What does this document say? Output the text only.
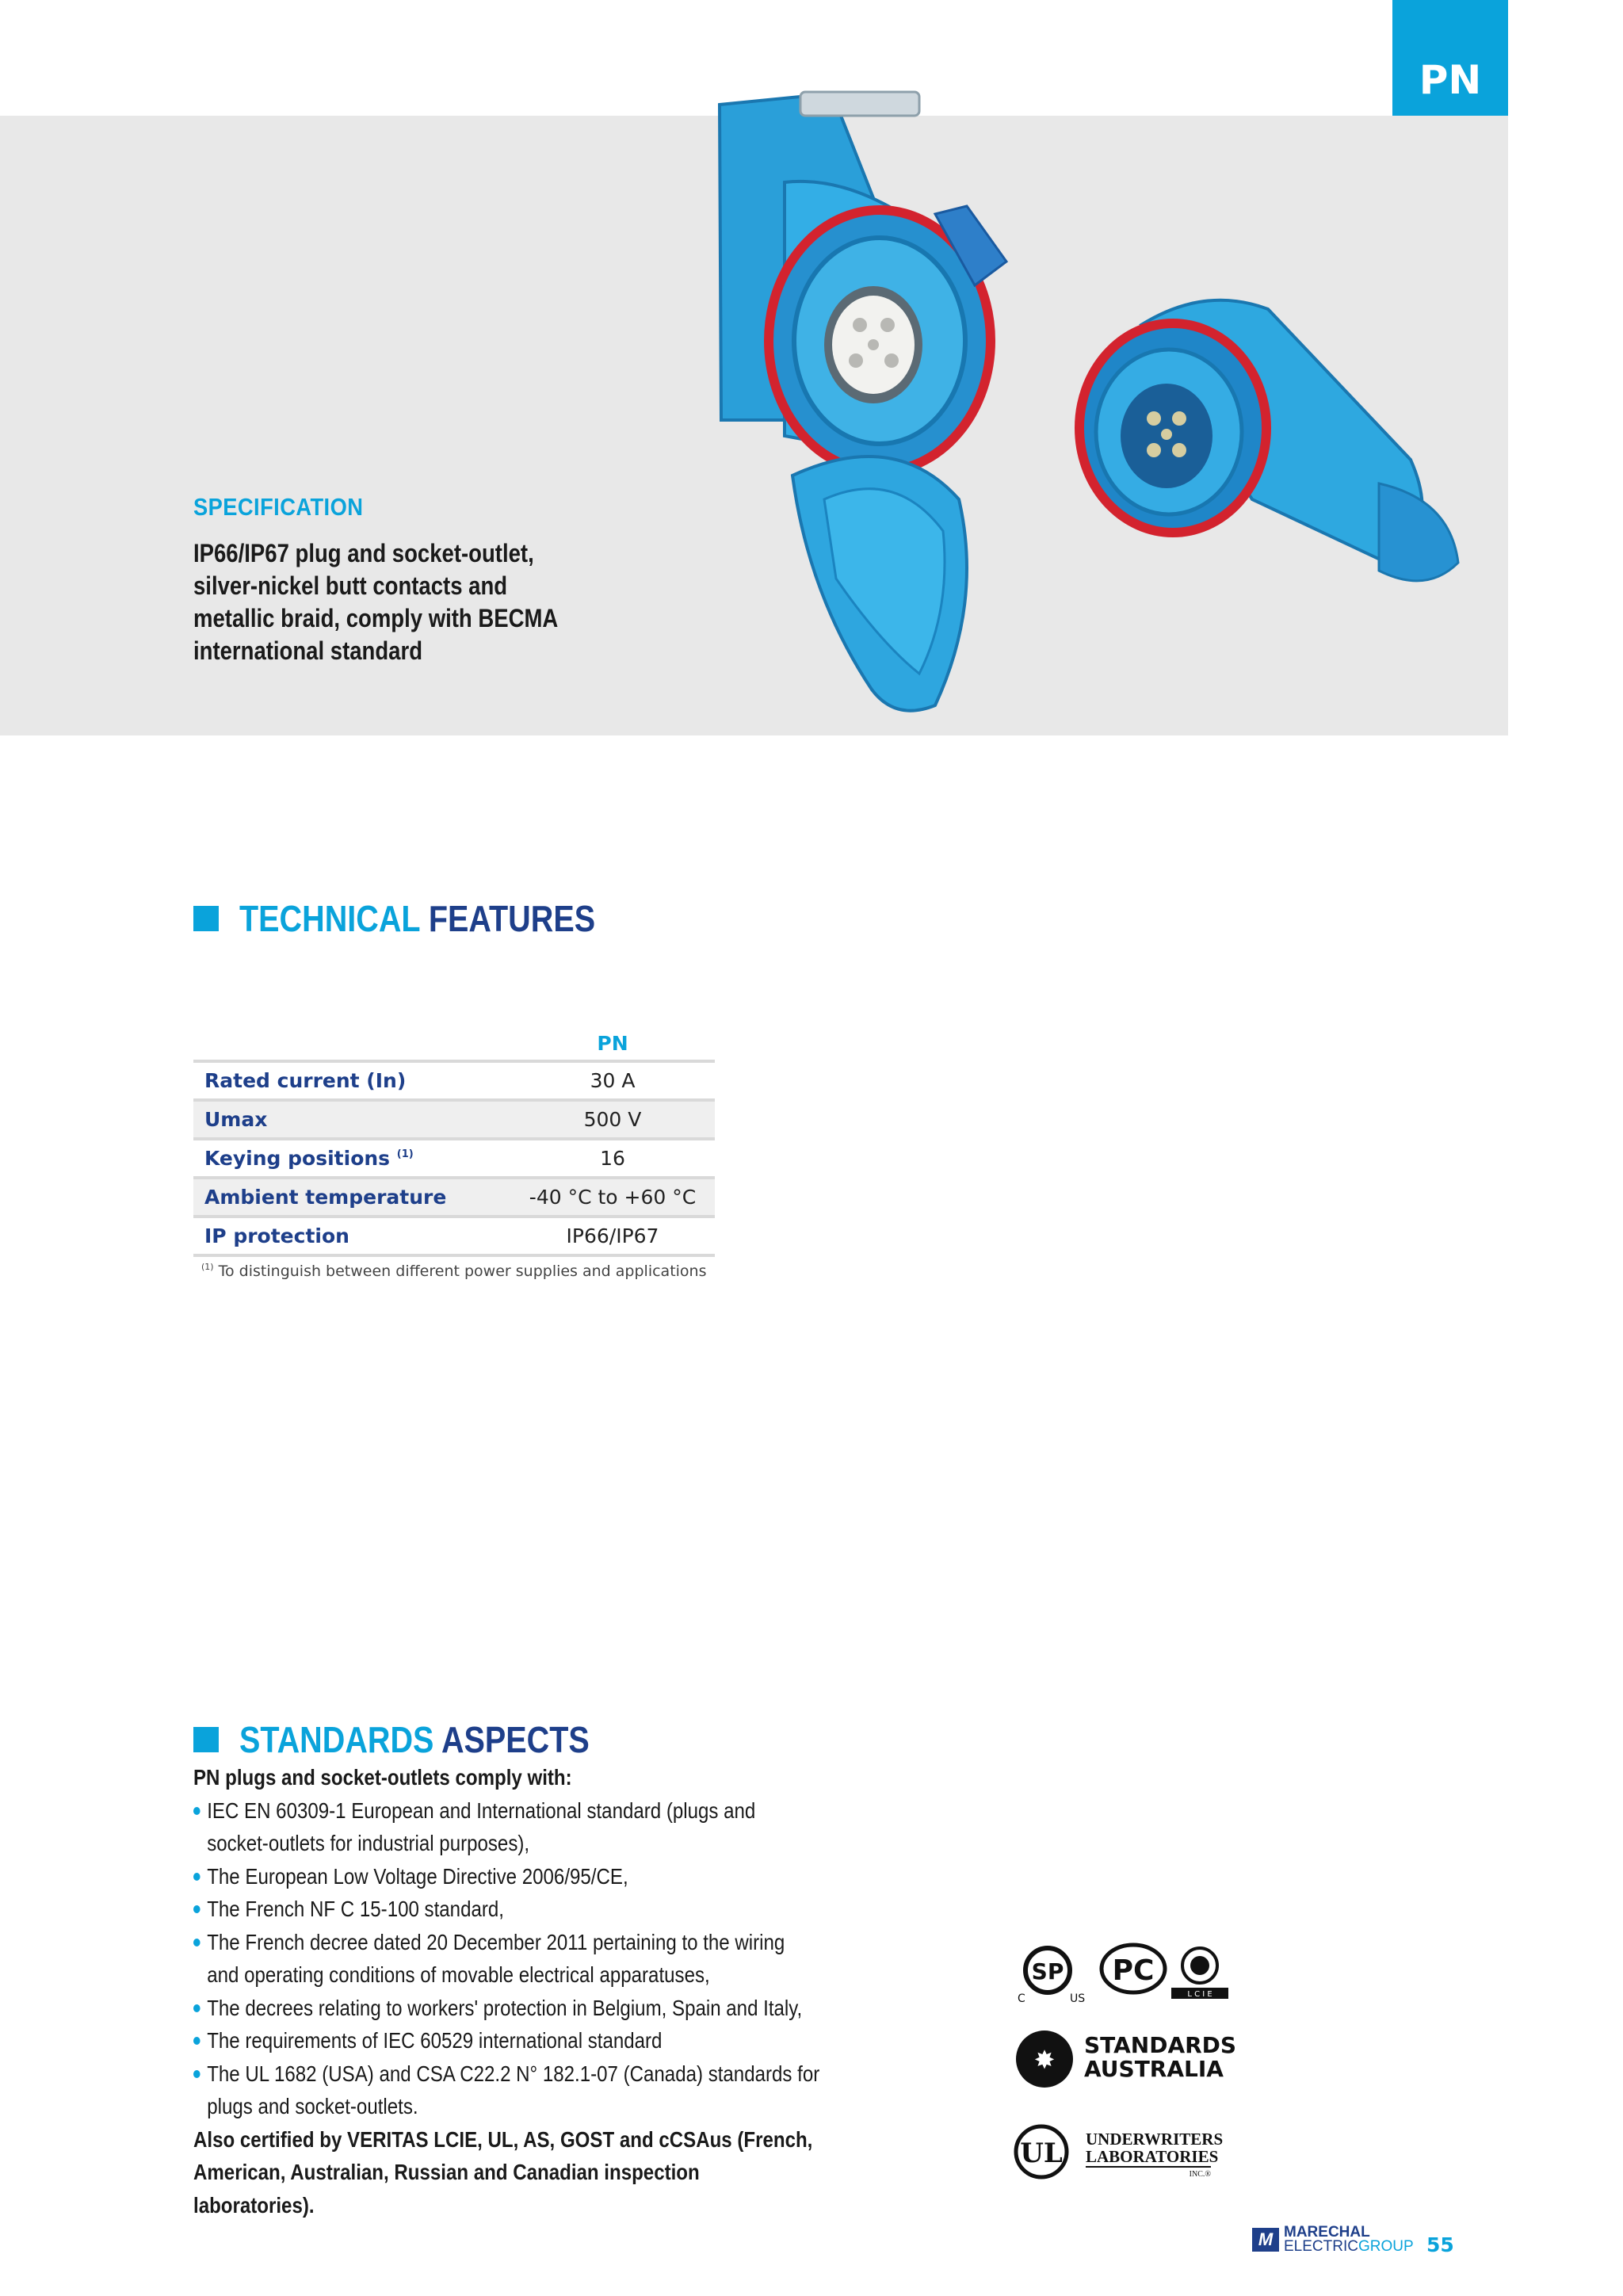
PN
SPECIFICATION
IP66/IP67 plug and socket-outlet, silver-nickel butt contacts and metallic braid, comply with BECMA international standard
TECHNICAL FEATURES
	PN
Rated current (In)	30 A
Umax	500 V
Keying positions $^{(1)}$	16
Ambient temperature	-40 °C to +60 °C
IP protection	IP66/IP67
$^{(1)}$ To distinguish between different power supplies and applications
STANDARDS ASPECTS
PN plugs and socket-outlets comply with:
IEC EN 60309-1 European and International standard (plugs and socket-outlets for industrial purposes),
The European Low Voltage Directive 2006/95/CE,
The French NF C 15-100 standard,
The French decree dated 20 December 2011 pertaining to the wiring and operating conditions of movable electrical apparatuses,
The decrees relating to workers' protection in Belgium, Spain and Italy,
The requirements of IEC 60529 international standard
The UL 1682 (USA) and CSA C22.2 N° 182.1-07 (Canada) standards for plugs and socket-outlets.
Also certified by VERITAS LCIE, UL, AS, GOST and cCSAus (French, American, Australian, Russian and Canadian inspection laboratories).
SP
C	US
PC
L C I E
✸ STANDARDS
AUSTRALIA
UL UNDERWRITERS
LABORATORIES
INC.®
M MARECHAL
ELECTRICGROUP 55
